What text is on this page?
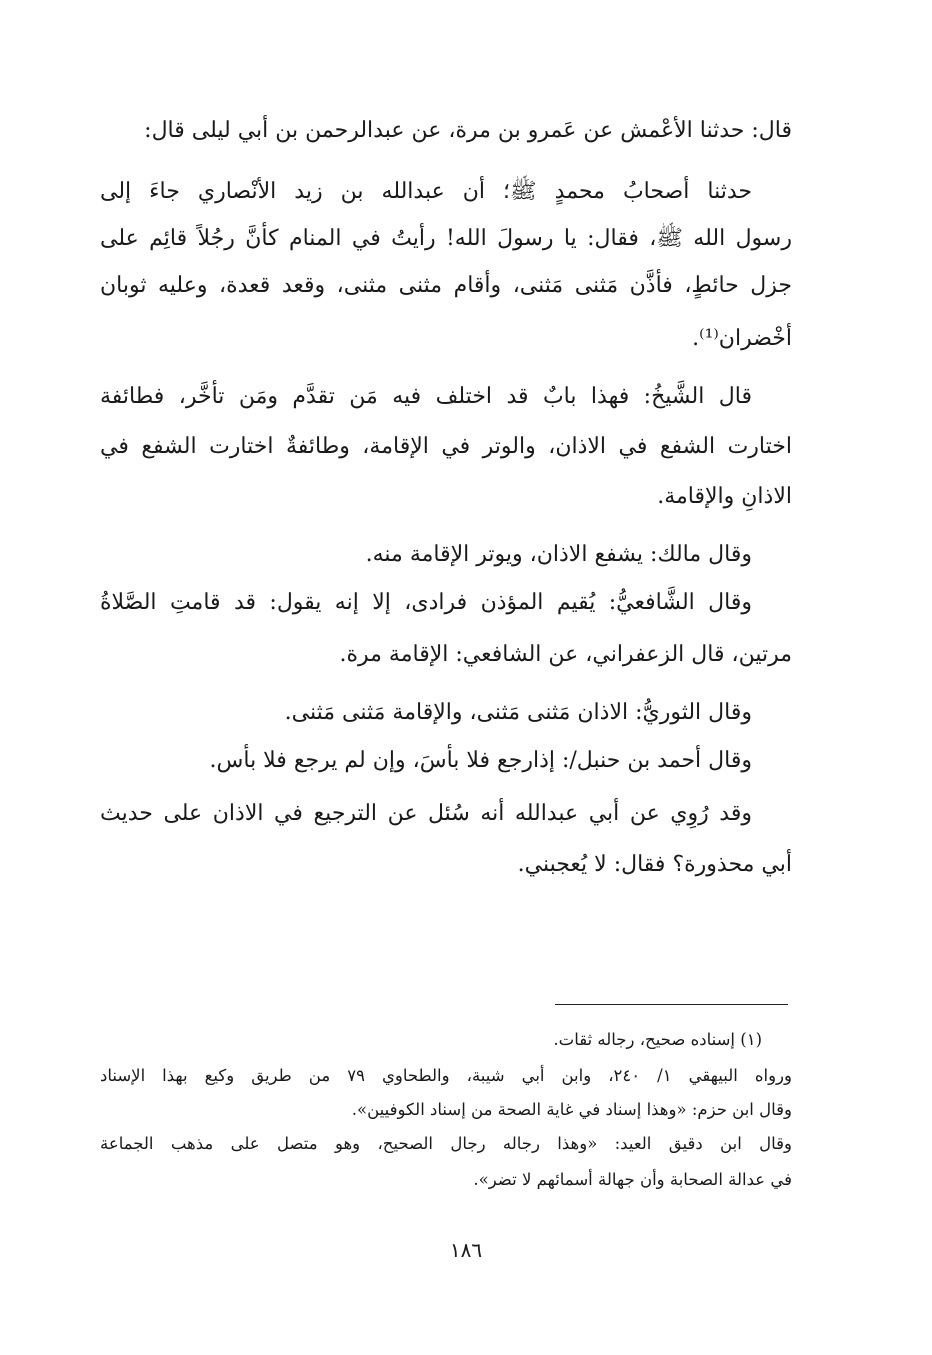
قال: حدثنا الأعْمش عن عَمرو بن مرة، عن عبدالرحمن بن أبي ليلى قال:
حدثنا أصحابُ محمدٍ ﷺ؛ أن عبدالله بن زيد الأنْصاري جاءَ إلى
رسول الله ﷺ، فقال: يا رسولَ الله! رأيتُ في المنام كأنَّ رجُلاً قائِم على
جزل حائطٍ، فأذَّن مَثنى مَثنى، وأقام مثنى مثنى، وقعد قعدة، وعليه ثوبان
أخْضران⁽¹⁾.
قال الشَّيخُ: فهذا بابٌ قد اختلف فيه مَن تقدَّم ومَن تأخَّر، فطائفة
اختارت الشفع في الاذان، والوتر في الإقامة، وطائفةٌ اختارت الشفع في
الاذانِ والإقامة.
وقال مالك: يشفع الاذان، ويوتر الإقامة منه.
وقال الشَّافعيُّ: يُقيم المؤذن فرادى، إلا إنه يقول: قد قامتِ الصَّلاةُ
مرتين، قال الزعفراني، عن الشافعي: الإقامة مرة.
وقال الثوريُّ: الاذان مَثنى مَثنى، والإقامة مَثنى مَثنى.
وقال أحمد بن حنبل/: إذارجع فلا بأسَ، وإن لم يرجع فلا بأس.
وقد رُوِي عن أبي عبدالله أنه سُئل عن الترجيع في الاذان على حديث
أبي محذورة؟ فقال: لا يُعجبني.
(١) إسناده صحيح، رجاله ثقات.
ورواه البيهقي ١/ ٢٤٠، وابن أبي شيبة، والطحاوي ٧٩ من طريق وكيع بهذا الإسناد
وقال ابن حزم: «وهذا إسناد في غاية الصحة من إسناد الكوفيين».
وقال ابن دقيق العيد: «وهذا رجاله رجال الصحيح، وهو متصل على مذهب الجماعة
في عدالة الصحابة وأن جهالة أسمائهم لا تضر».
١٨٦
